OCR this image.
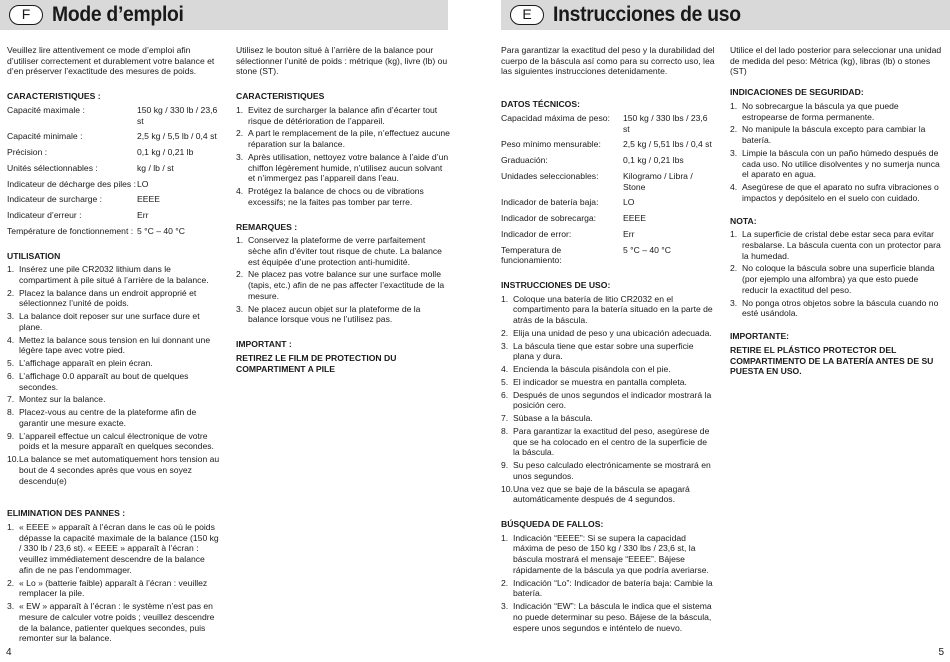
F	Mode d’emploi	E	Instrucciones de uso

Veuillez lire attentivement ce mode d’emploi afin d’utiliser correctement et durablement votre balance et d’en préserver l’exactitude des mesures de poids.

CARACTERISTIQUES :
Capacité maximale :	150 kg / 330 lb / 23,6 st
Capacité minimale :	2,5 kg / 5,5 lb / 0,4 st
Précision :	0,1 kg / 0,21 lb
Unités sélectionnables :	kg / lb / st
Indicateur de décharge des piles : LO
Indicateur de surcharge :	EEEE
Indicateur d’erreur :	Err
Température de fonctionnement : 5 °C – 40 °C
UTILISATION
1. Insérez une pile CR2032 lithium dans le compartiment à pile situé à l’arrière de la balance.
2. Placez la balance dans un endroit approprié et sélectionnez l’unité de poids.
3. La balance doit reposer sur une surface dure et plane.
4. Mettez la balance sous tension en lui donnant une légère tape avec votre pied.
5. L’affichage apparaît en plein écran.
6. L’affichage 0.0 apparaît au bout de quelques secondes.
7. Montez sur la balance.
8. Placez-vous au centre de la plateforme afin de garantir une mesure exacte.
9. L’appareil effectue un calcul électronique de votre poids et la mesure apparaît en quelques secondes.
10. La balance se met automatiquement hors tension au bout de 4 secondes après que vous en soyez descendu(e)
ELIMINATION DES PANNES :
1. « EEEE » apparaît à l’écran dans le cas où le poids dépasse la capacité maximale de la balance (150 kg / 330 lb / 23,6 st). « EEEE » apparaît à l’écran : veuillez immédiatement descendre de la balance afin de ne pas l’endommager.
2. « Lo » (batterie faible) apparaît à l’écran : veuillez remplacer la pile.
3. « EW » apparaît à l’écran : le système n’est pas en mesure de calculer votre poids ; veuillez descendre de la balance, patienter quelques secondes, puis remonter sur la balance.

Utilisez le bouton situé à l’arrière de la balance pour sélectionner l’unité de poids : métrique (kg), livre (lb) ou stone (ST).

CARACTERISTIQUES
1. Evitez de surcharger la balance afin d’écarter tout risque de détérioration de l’appareil.
2. A part le remplacement de la pile, n’effectuez aucune réparation sur la balance.
3. Après utilisation, nettoyez votre balance à l’aide d’un chiffon légèrement humide, n’utilisez aucun solvant et n’immergez pas l’appareil dans l’eau.
4. Protégez la balance de chocs ou de vibrations excessifs; ne la faites pas tomber par terre.
REMARQUES :
1. Conservez la plateforme de verre parfaitement sèche afin d’éviter tout risque de chute. La balance est équipée d’une protection anti-humidité.
2. Ne placez pas votre balance sur une surface molle (tapis, etc.) afin de ne pas affecter l’exactitude de la mesure.
3. Ne placez aucun objet sur la plateforme de la balance lorsque vous ne l’utilisez pas.
IMPORTANT :
RETIREZ LE FILM DE PROTECTION DU COMPARTIMENT A PILE

Para garantizar la exactitud del peso y la durabilidad del cuerpo de la báscula así como para su correcto uso, lea las siguientes instrucciones detenidamente.

DATOS TÉCNICOS:
Capacidad máxima de peso:	150 kg / 330 lbs / 23,6 st
Peso mínimo mensurable:	2,5 kg / 5,51 lbs / 0,4 st
Graduación:	0,1 kg / 0,21 lbs
Unidades seleccionables:	Kilogramo / Libra / Stone
Indicador de batería baja:	LO
Indicador de sobrecarga:	EEEE
Indicador de error:	Err
Temperatura de funcionamiento:
5 °C – 40 °C
INSTRUCCIONES DE USO:
1. Coloque una batería de litio CR2032 en el compartimento para la batería situado en la parte de atrás de la báscula.
2. Elija una unidad de peso y una ubicación adecuada.
3. La báscula tiene que estar sobre una superficie plana y dura.
4. Encienda la báscula pisándola con el pie.
5. El indicador se muestra en pantalla completa.
6. Después de unos segundos el indicador mostrará la posición cero.
7. Súbase a la báscula.
8. Para garantizar la exactitud del peso, asegúrese de que se ha colocado en el centro de la superficie de la báscula.
9. Su peso calculado electrónicamente se mostrará en unos segundos.
10. Una vez que se baje de la báscula se apagará automáticamente después de 4 segundos.
BÚSQUEDA DE FALLOS:
1. Indicación “EEEE”: Si se supera la capacidad máxima de peso de 150 kg / 330 lbs / 23,6 st, la báscula mostrará el mensaje “EEEE”. Bájese rápidamente de la báscula ya que podría averiarse.
2. Indicación “Lo”: Indicador de batería baja: Cambie la batería.
3. Indicación “EW”: La báscula le indica que el sistema no puede determinar su peso. Bájese de la báscula, espere unos segundos e inténtelo de nuevo.

Utilice el del lado posterior para seleccionar una unidad de medida del peso: Métrica (kg), libras (lb) o stones (ST)

INDICACIONES DE SEGURIDAD:
1. No sobrecargue la báscula ya que puede estropearse de forma permanente.
2. No manipule la báscula excepto para cambiar la batería.
3. Limpie la báscula con un paño húmedo después de cada uso. No utilice disolventes y no sumerja nunca el aparato en agua.
4. Asegúrese de que el aparato no sufra vibraciones o impactos y depósitelo en el suelo con cuidado.
NOTA:
1. La superficie de cristal debe estar seca para evitar resbalarse. La báscula cuenta con un protector para la humedad.
2. No coloque la báscula sobre una superficie blanda (por ejemplo una alfombra) ya que esto puede reducir la exactitud del peso.
3. No ponga otros objetos sobre la báscula cuando no esté usándola.
IMPORTANTE:
RETIRE EL PLÁSTICO PROTECTOR DEL COMPARTIMENTO DE LA BATERÍA ANTES DE SU PUESTA EN USO.
4	5
